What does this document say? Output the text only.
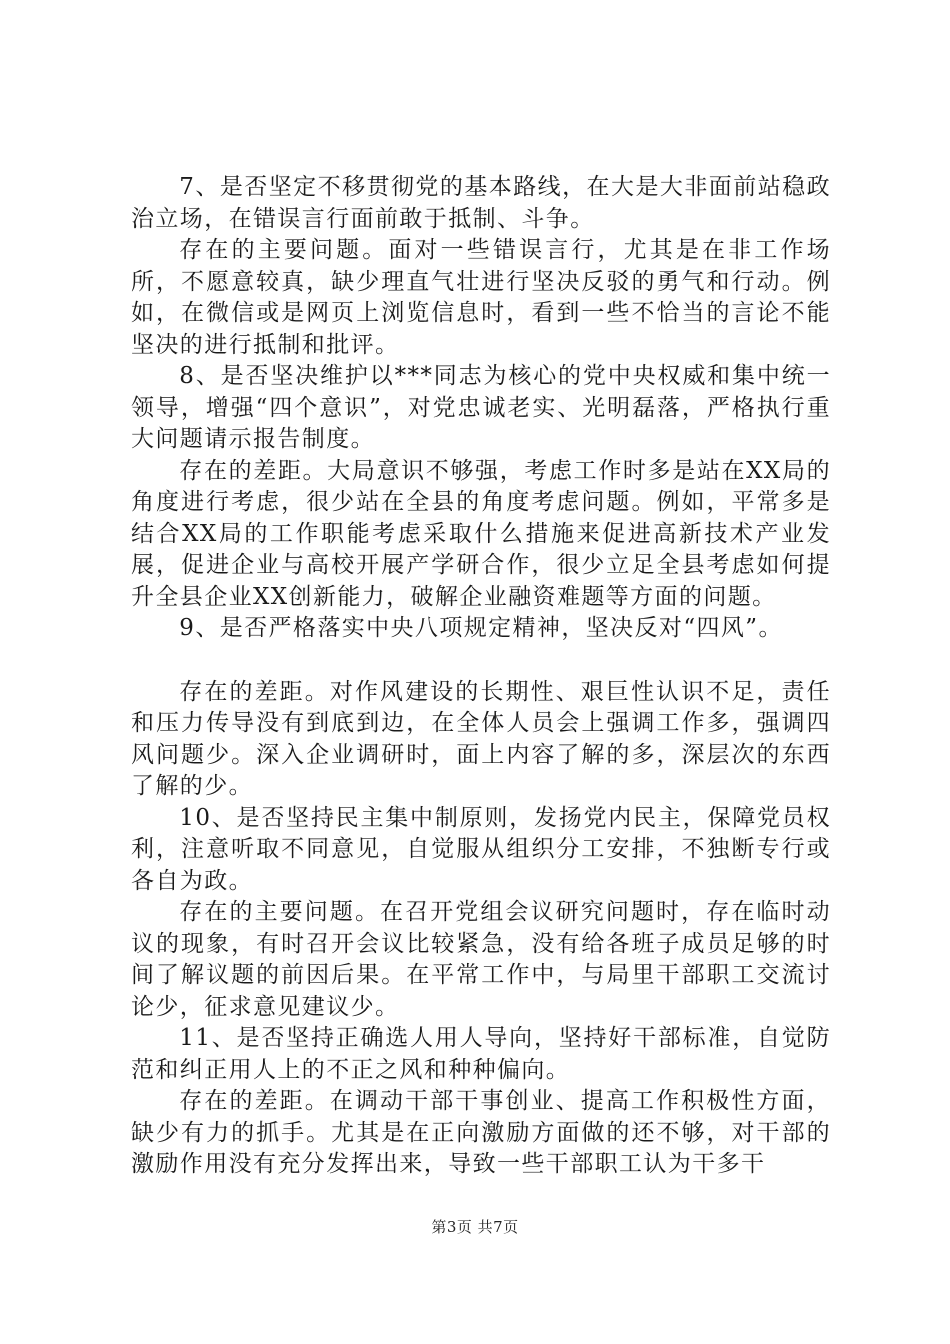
7、是否坚定不移贯彻党的基本路线，在大是大非面前站稳政治立场，在错误言行面前敢于抵制、斗争。

存在的主要问题。面对一些错误言行，尤其是在非工作场所，不愿意较真，缺少理直气壮进行坚决反驳的勇气和行动。例如，在微信或是网页上浏览信息时，看到一些不恰当的言论不能坚决的进行抵制和批评。

8、是否坚决维护以***同志为核心的党中央权威和集中统一领导，增强“四个意识”，对党忠诚老实、光明磊落，严格执行重大问题请示报告制度。

存在的差距。大局意识不够强，考虑工作时多是站在XX局的角度进行考虑，很少站在全县的角度考虑问题。例如，平常多是结合XX局的工作职能考虑采取什么措施来促进高新技术产业发展，促进企业与高校开展产学研合作，很少立足全县考虑如何提升全县企业XX创新能力，破解企业融资难题等方面的问题。

9、是否严格落实中央八项规定精神，坚决反对“四风”。

存在的差距。对作风建设的长期性、艰巨性认识不足，责任和压力传导没有到底到边，在全体人员会上强调工作多，强调四风问题少。深入企业调研时，面上内容了解的多，深层次的东西了解的少。

10、是否坚持民主集中制原则，发扬党内民主，保障党员权利，注意听取不同意见，自觉服从组织分工安排，不独断专行或各自为政。

存在的主要问题。在召开党组会议研究问题时，存在临时动议的现象，有时召开会议比较紧急，没有给各班子成员足够的时间了解议题的前因后果。在平常工作中，与局里干部职工交流讨论少，征求意见建议少。

11、是否坚持正确选人用人导向，坚持好干部标准，自觉防范和纠正用人上的不正之风和种种偏向。

存在的差距。在调动干部干事创业、提高工作积极性方面，缺少有力的抓手。尤其是在正向激励方面做的还不够，对干部的激励作用没有充分发挥出来，导致一些干部职工认为干多干

第3页 共7页
